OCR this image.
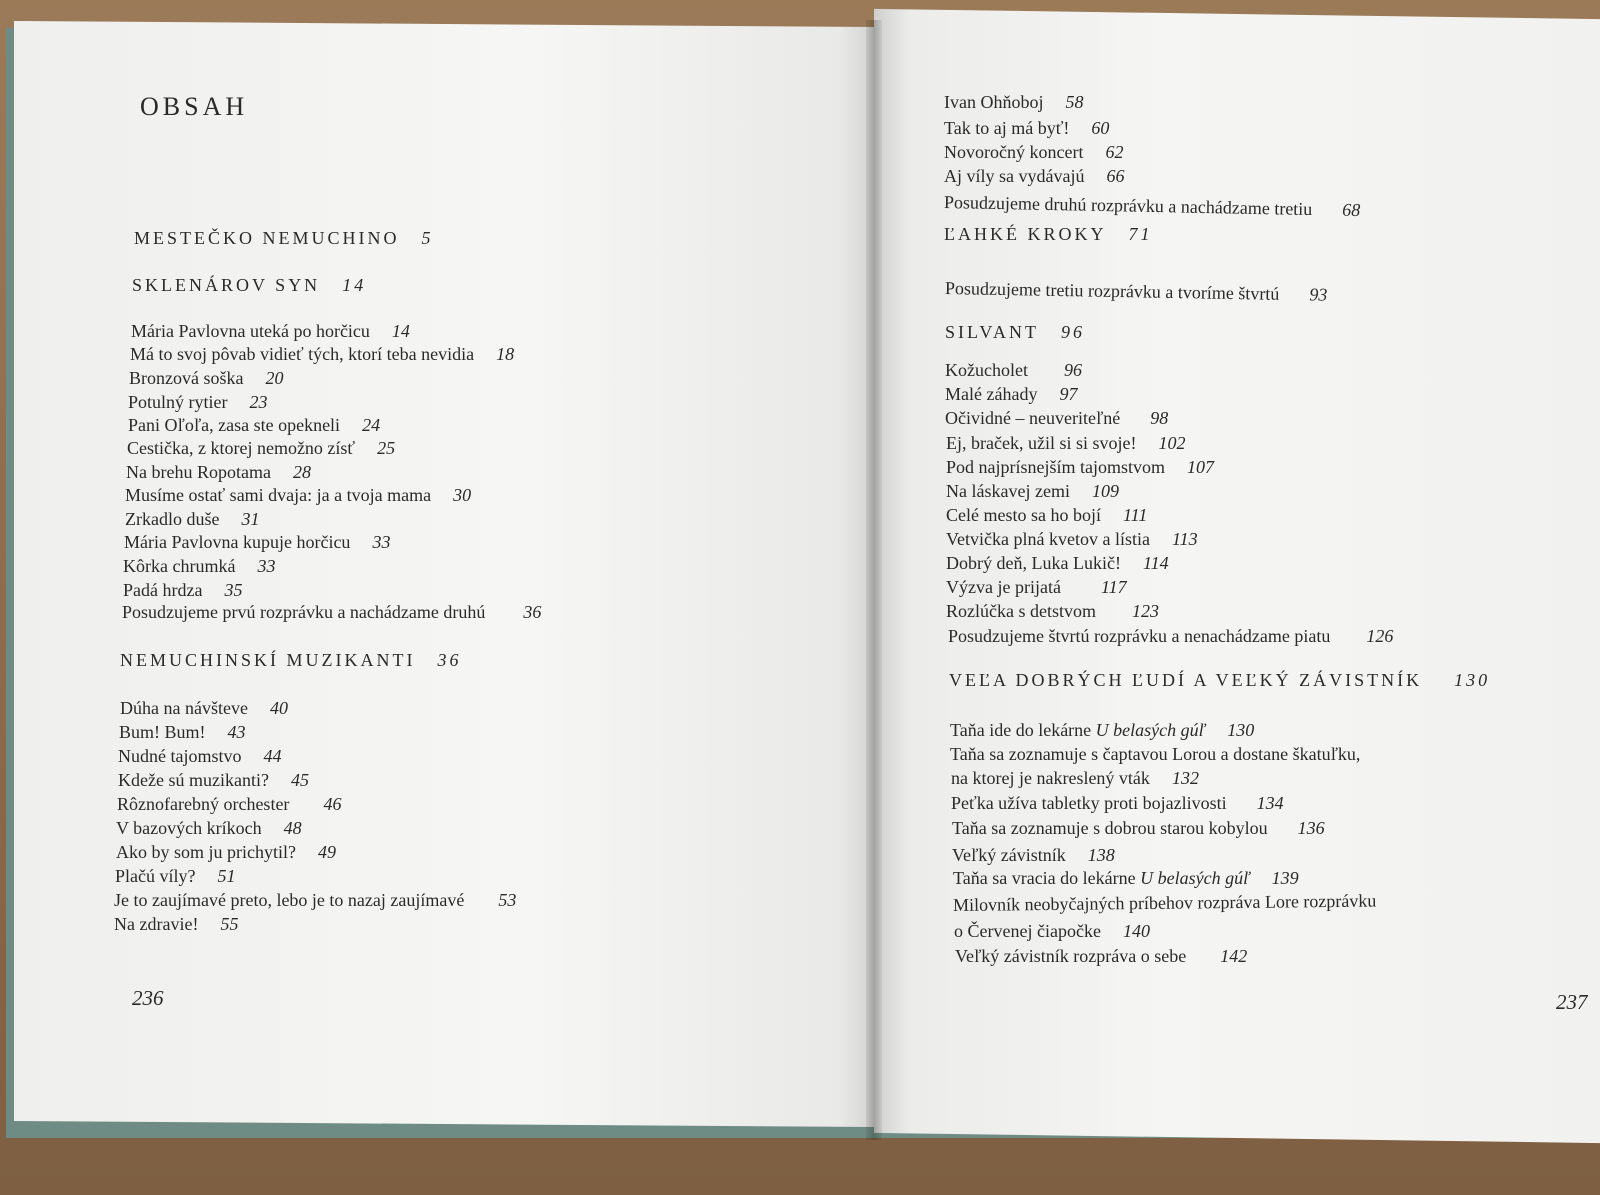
OBSAH
MESTEČKO NEMUCHINO 5
SKLENÁROV SYN 14
Mária Pavlovna uteká po horčicu 14
Má to svoj pôvab vidieť tých, ktorí teba nevidia 18
Bronzová soška 20
Potulný rytier 23
Pani Oľoľa, zasa ste opekneli 24
Cestička, z ktorej nemožno zísť 25
Na brehu Ropotama 28
Musíme ostať sami dvaja: ja a tvoja mama 30
Zrkadlo duše 31
Mária Pavlovna kupuje horčicu 33
Kôrka chrumká 33
Padá hrdza 35
Posudzujeme prvú rozprávku a nachádzame druhú 36
NEMUCHINSKÍ MUZIKANTI 36
Dúha na návšteve 40
Bum! Bum! 43
Nudné tajomstvo 44
Kdeže sú muzikanti? 45
Rôznofarebný orchester 46
V bazových kríkoch 48
Ako by som ju prichytil? 49
Plačú víly? 51
Je to zaujímavé preto, lebo je to nazaj zaujímavé 53
Na zdravie! 55
236
Ivan Ohňoboj 58
Tak to aj má byť! 60
Novoročný koncert 62
Aj víly sa vydávajú 66
Posudzujeme druhú rozprávku a nachádzame tretiu 68
ĽAHKÉ KROKY 71
Posudzujeme tretiu rozprávku a tvoríme štvrtú 93
SILVANT 96
Kožucholet 96
Malé záhady 97
Očividné – neuveriteľné 98
Ej, braček, užil si si svoje! 102
Pod najprísnejším tajomstvom 107
Na láskavej zemi 109
Celé mesto sa ho bojí 111
Vetvička plná kvetov a lístia 113
Dobrý deň, Luka Lukič! 114
Výzva je prijatá 117
Rozlúčka s detstvom 123
Posudzujeme štvrtú rozprávku a nenachádzame piatu 126
VEĽA DOBRÝCH ĽUDÍ A VEĽKÝ ZÁVISTNÍK 130
Taňa ide do lekárne U belasých gúľ 130
Taňa sa zoznamuje s čaptavou Lorou a dostane škatuľku,
na ktorej je nakreslený vták 132
Peťka užíva tabletky proti bojazlivosti 134
Taňa sa zoznamuje s dobrou starou kobylou 136
Veľký závistník 138
Taňa sa vracia do lekárne U belasých gúľ 139
Milovník neobyčajných príbehov rozpráva Lore rozprávku
o Červenej čiapočke 140
Veľký závistník rozpráva o sebe 142
237
